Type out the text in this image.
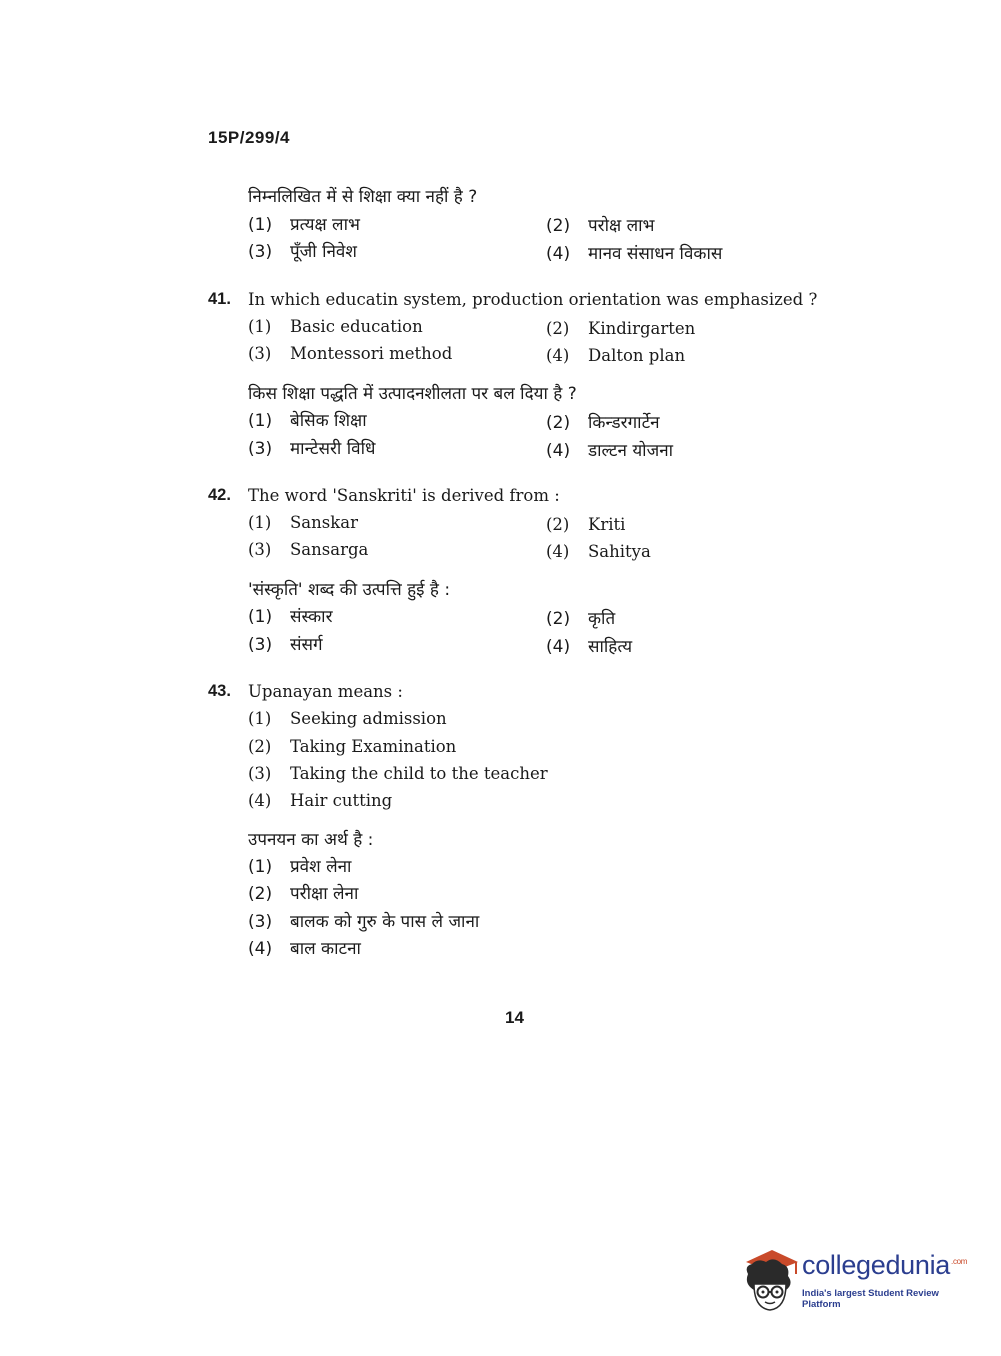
15P/299/4
निम्नलिखित में से शिक्षा क्या नहीं है ?
(1) प्रत्यक्ष लाभ	(2) परोक्ष लाभ
(3) पूँजी निवेश	(4) मानव संसाधन विकास
41. In which educatin system, production orientation was emphasized ?
(1) Basic education	(2) Kindirgarten
(3) Montessori method	(4) Dalton plan
किस शिक्षा पद्धति में उत्पादनशीलता पर बल दिया है ?
(1) बेसिक शिक्षा	(2) किन्डरगार्टेन
(3) मान्टेसरी विधि	(4) डाल्टन योजना
42. The word 'Sanskriti' is derived from :
(1) Sanskar	(2) Kriti
(3) Sansarga	(4) Sahitya
'संस्कृति' शब्द की उत्पत्ति हुई है :
(1) संस्कार	(2) कृति
(3) संसर्ग	(4) साहित्य
43. Upanayan means :
(1) Seeking admission
(2) Taking Examination
(3) Taking the child to the teacher
(4) Hair cutting
उपनयन का अर्थ है :
(1) प्रवेश लेना
(2) परीक्षा लेना
(3) बालक को गुरु के पास ले जाना
(4) बाल काटना
14
collegedunia$^{.com}$
India's largest Student Review Platform
